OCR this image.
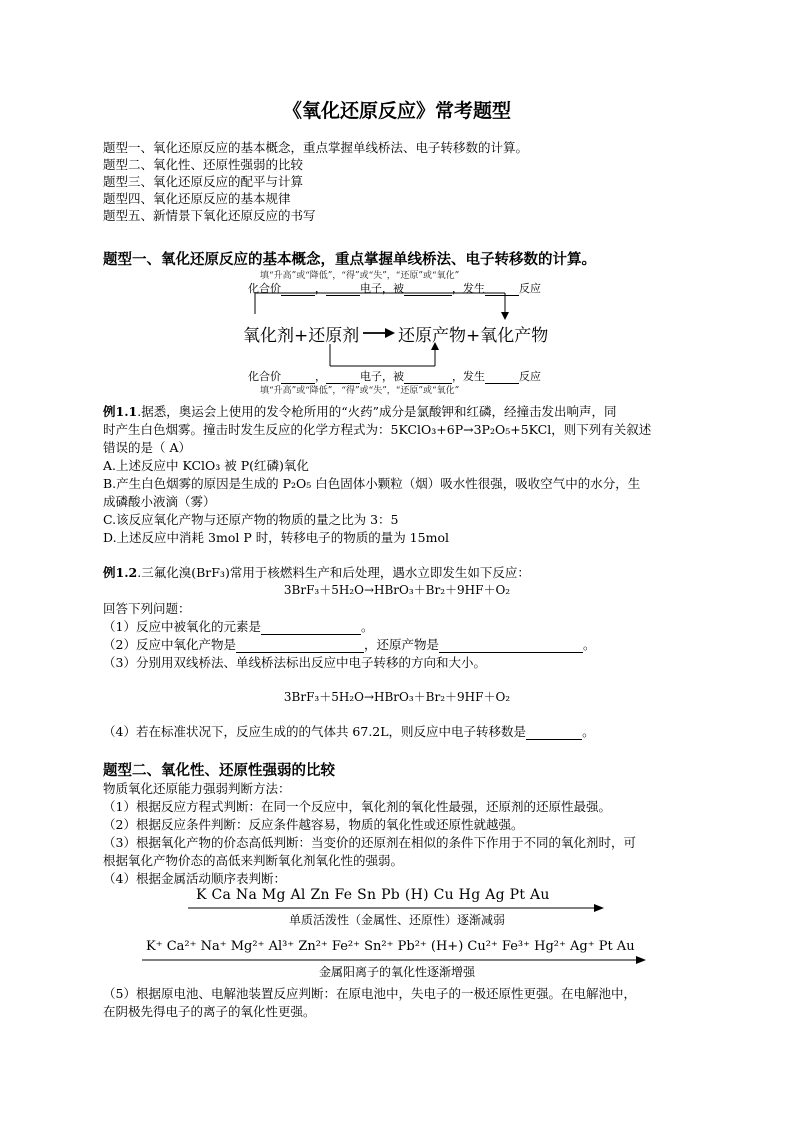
《氧化还原反应》常考题型
题型一、氧化还原反应的基本概念，重点掌握单线桥法、电子转移数的计算。
题型二、氧化性、还原性强弱的比较
题型三、氧化还原反应的配平与计算
题型四、氧化还原反应的基本规律
题型五、新情景下氧化还原反应的书写
题型一、氧化还原反应的基本概念，重点掌握单线桥法、电子转移数的计算。
填“升高”或“降低”，“得”或“失”，“还原”或“氧化”
化合价	，	电子，被	，发生	反应
氧化剂+还原剂 还原产物+氧化产物
化合价	，	电子，被	，发生	反应
填“升高”或“降低”，“得”或“失”，“还原”或“氧化”
例1.1.据悉，奥运会上使用的发令枪所用的“火药”成分是氯酸钾和红磷，经撞击发出响声，同
时产生白色烟雾。撞击时发生反应的化学方程式为：5KClO₃+6P→3P₂O₅+5KCl，则下列有关叙述
错误的是（ A）
A.上述反应中 KClO₃ 被 P(红磷)氧化
B.产生白色烟雾的原因是生成的 P₂O₅ 白色固体小颗粒（烟）吸水性很强，吸收空气中的水分，生
成磷酸小液滴（雾）
C.该反应氧化产物与还原产物的物质的量之比为 3：5
D.上述反应中消耗 3mol P 时，转移电子的物质的量为 15mol
例1.2.三氟化溴(BrF₃)常用于核燃料生产和后处理，遇水立即发生如下反应：
3BrF₃＋5H₂O→HBrO₃＋Br₂＋9HF＋O₂
回答下列问题：
（1）反应中被氧化的元素是	。
（2）反应中氧化产物是	，还原产物是	。
（3）分别用双线桥法、单线桥法标出反应中电子转移的方向和大小。
3BrF₃＋5H₂O→HBrO₃＋Br₂＋9HF＋O₂
（4）若在标准状况下，反应生成的的气体共 67.2L，则反应中电子转移数是	。
题型二、氧化性、还原性强弱的比较
物质氧化还原能力强弱判断方法：
（1）根据反应方程式判断：在同一个反应中，氧化剂的氧化性最强，还原剂的还原性最强。
（2）根据反应条件判断：反应条件越容易，物质的氧化性或还原性就越强。
（3）根据氧化产物的价态高低判断：当变价的还原剂在相似的条件下作用于不同的氧化剂时，可
根据氧化产物价态的高低来判断氧化剂氧化性的强弱。
（4）根据金属活动顺序表判断：
K Ca Na Mg Al Zn Fe Sn Pb (H) Cu Hg Ag Pt Au
单质活泼性（金属性、还原性）逐渐减弱
K⁺ Ca²⁺ Na⁺ Mg²⁺ Al³⁺ Zn²⁺ Fe²⁺ Sn²⁺ Pb²⁺ (H+) Cu²⁺ Fe³⁺ Hg²⁺ Ag⁺ Pt Au
金属阳离子的氧化性逐渐增强
（5）根据原电池、电解池装置反应判断：在原电池中，失电子的一极还原性更强。在电解池中，
在阴极先得电子的离子的氧化性更强。
